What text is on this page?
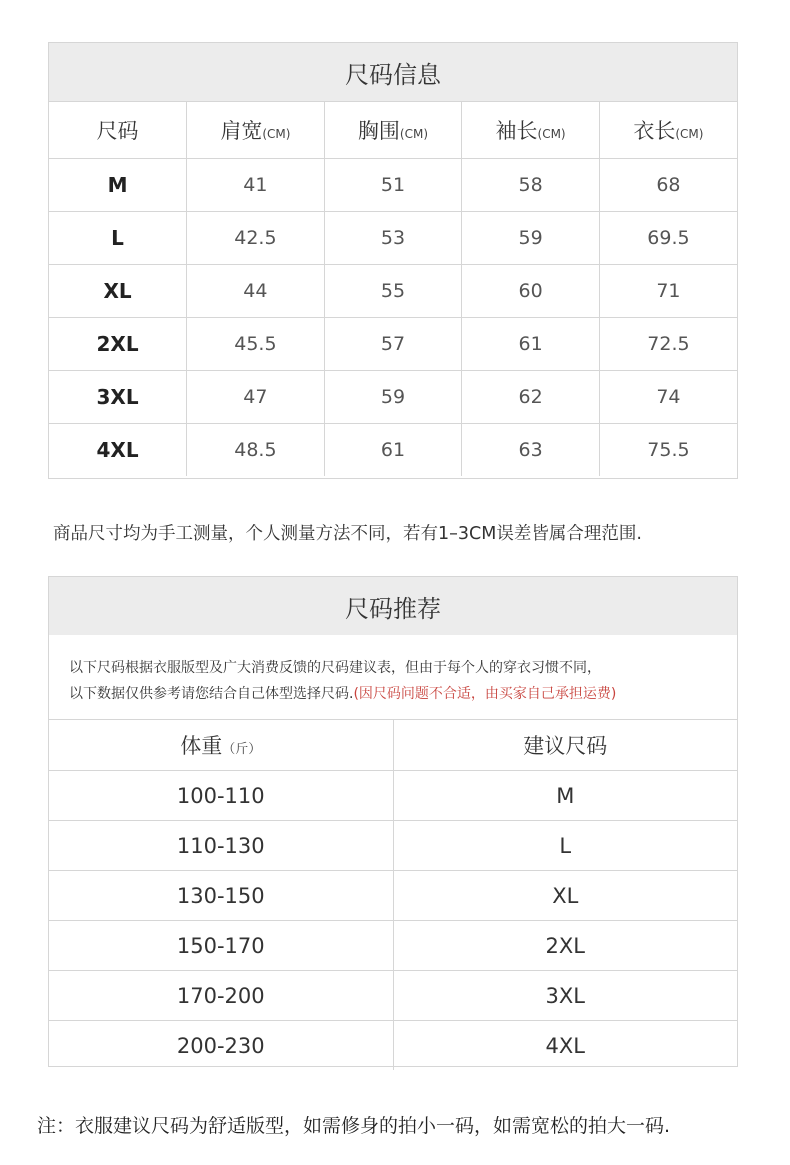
尺码信息
尺码	肩宽(CM)	胸围(CM)	袖长(CM)	衣长(CM)
M	41	51	58	68
L	42.5	53	59	69.5
XL	44	55	60	71
2XL	45.5	57	61	72.5
3XL	47	59	62	74
4XL	48.5	61	63	75.5
商品尺寸均为手工测量，个人测量方法不同，若有1–3CM误差皆属合理范围.
尺码推荐
以下尺码根据衣服版型及广大消费反馈的尺码建议表，但由于每个人的穿衣习惯不同，
以下数据仅供参考请您结合自己体型选择尺码.(因尺码问题不合适，由买家自己承担运费)
体重（斤）	建议尺码
100-110	M
110-130	L
130-150	XL
150-170	2XL
170-200	3XL
200-230	4XL
注：衣服建议尺码为舒适版型，如需修身的拍小一码，如需宽松的拍大一码.
